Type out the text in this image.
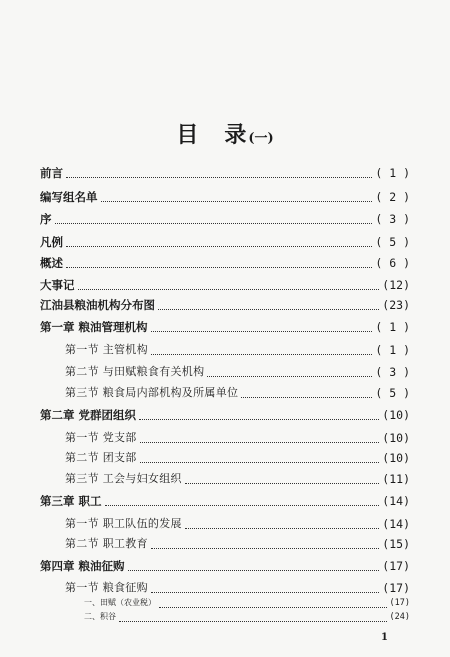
目 录 (一)
前言	( 1 )
编写组名单	( 2 )
序	( 3 )
凡例	( 5 )
概述	( 6 )
大事记	(12)
江油县粮油机构分布图	(23)
第一章 粮油管理机构	( 1 )
第一节 主管机构	( 1 )
第二节 与田赋粮食有关机构	( 3 )
第三节 粮食局内部机构及所属单位	( 5 )
第二章 党群团组织	(10)
第一节 党支部	(10)
第二节 团支部	(10)
第三节 工会与妇女组织	(11)
第三章 职工	(14)
第一节 职工队伍的发展	(14)
第二节 职工教育	(15)
第四章 粮油征购	(17)
第一节 粮食征购	(17)
一、田赋（农业税）	(17)
二、积谷	(24)
1
